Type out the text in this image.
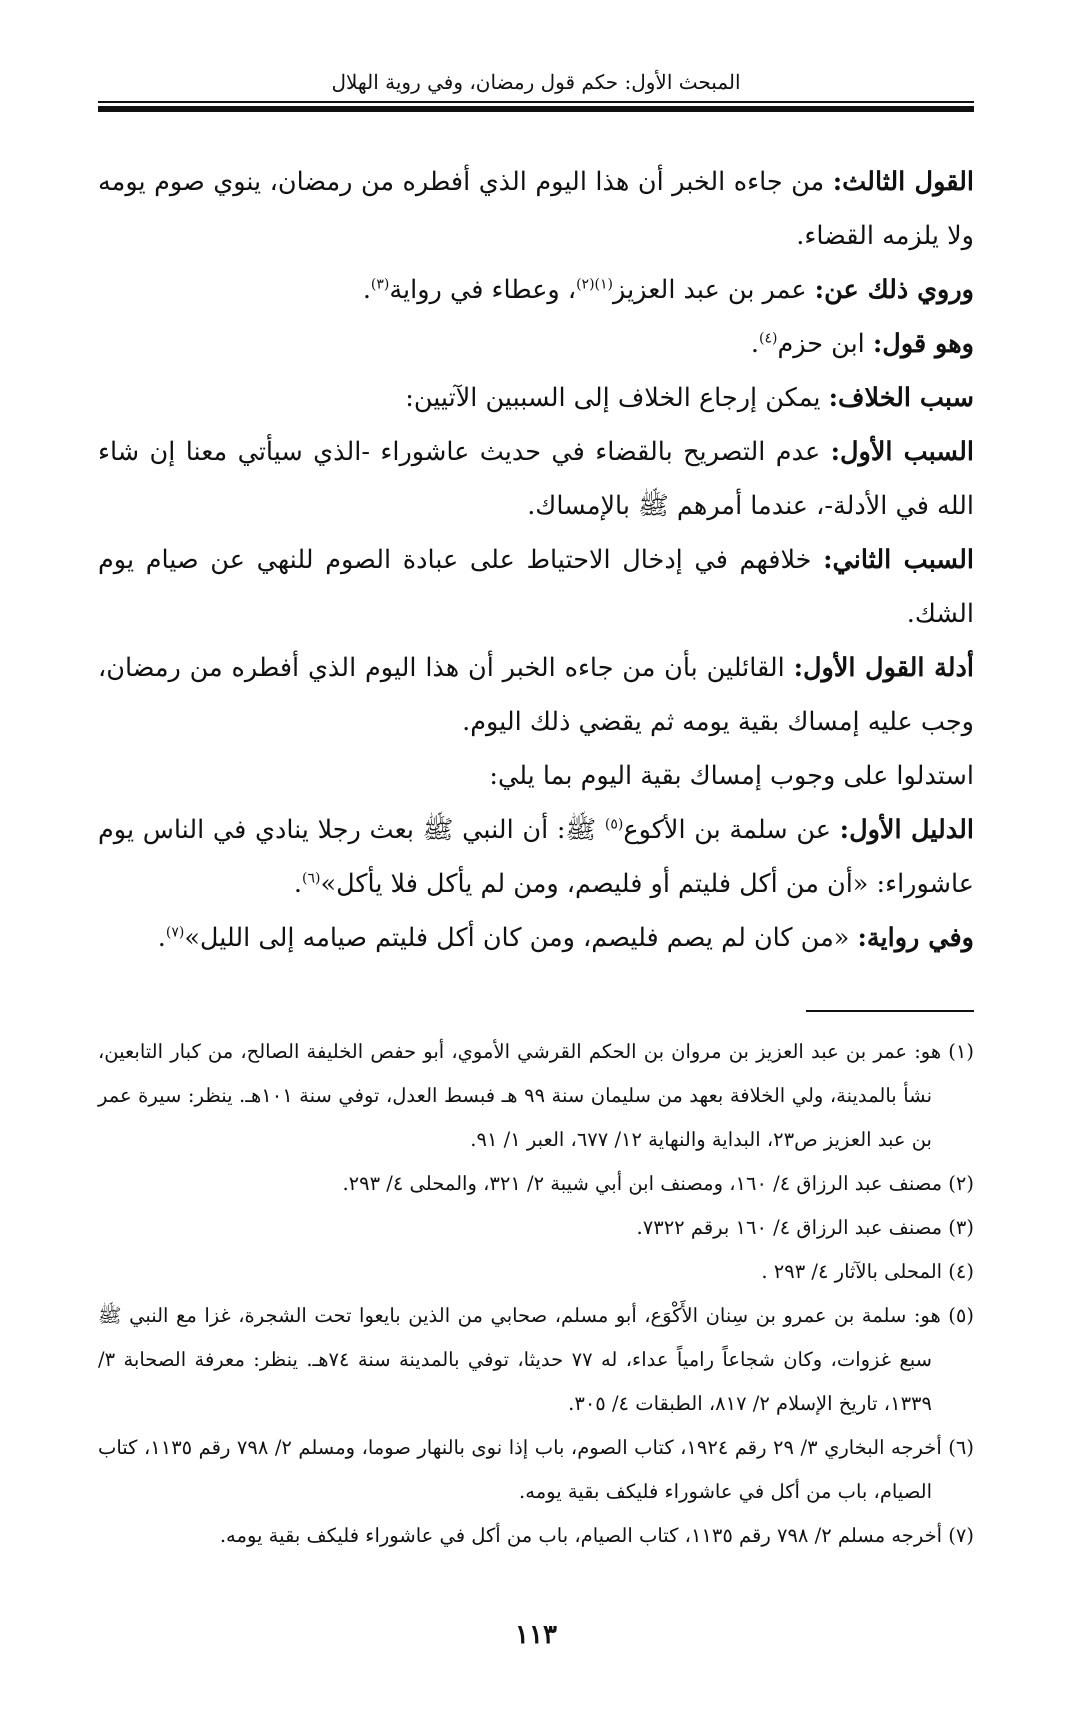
المبحث الأول: حكم قول رمضان، وفي روية الهلال

القول الثالث: من جاءه الخبر أن هذا اليوم الذي أفطره من رمضان، ينوي صوم يومه ولا يلزمه القضاء.

وروي ذلك عن: عمر بن عبد العزيز$^{(١)(٢)}$، وعطاء في رواية$^{(٣)}$.

وهو قول: ابن حزم$^{(٤)}$.

سبب الخلاف: يمكن إرجاع الخلاف إلى السببين الآتيين:

السبب الأول: عدم التصريح بالقضاء في حديث عاشوراء -الذي سيأتي معنا إن شاء الله في الأدلة-، عندما أمرهم ﷺ بالإمساك.

السبب الثاني: خلافهم في إدخال الاحتياط على عبادة الصوم للنهي عن صيام يوم الشك.

أدلة القول الأول: القائلين بأن من جاءه الخبر أن هذا اليوم الذي أفطره من رمضان، وجب عليه إمساك بقية يومه ثم يقضي ذلك اليوم.

استدلوا على وجوب إمساك بقية اليوم بما يلي:

الدليل الأول: عن سلمة بن الأكوع$^{(٥)}$ ﷺ: أن النبي ﷺ بعث رجلا ينادي في الناس يوم عاشوراء: «أن من أكل فليتم أو فليصم، ومن لم يأكل فلا يأكل»$^{(٦)}$.

وفي رواية: «من كان لم يصم فليصم، ومن كان أكل فليتم صيامه إلى الليل»$^{(٧)}$.

(١) هو: عمر بن عبد العزيز بن مروان بن الحكم القرشي الأموي، أبو حفص الخليفة الصالح، من كبار التابعين، نشأ بالمدينة، ولي الخلافة بعهد من سليمان سنة ٩٩ هـ فبسط العدل، توفي سنة ١٠١هـ. ينظر: سيرة عمر بن عبد العزيز ص٢٣، البداية والنهاية ١٢/ ٦٧٧، العبر ١/ ٩١.

(٢) مصنف عبد الرزاق ٤/ ١٦٠، ومصنف ابن أبي شيبة ٢/ ٣٢١، والمحلى ٤/ ٢٩٣.

(٣) مصنف عبد الرزاق ٤/ ١٦٠ برقم ٧٣٢٢.

(٤) المحلى بالآثار ٤/ ٢٩٣ .

(٥) هو: سلمة بن عمرو بن سِنان الأَكْوَع، أبو مسلم، صحابي من الذين بايعوا تحت الشجرة، غزا مع النبي ﷺ سبع غزوات، وكان شجاعاً رامياً عداء، له ٧٧ حديثا، توفي بالمدينة سنة ٧٤هـ. ينظر: معرفة الصحابة ٣/ ١٣٣٩، تاريخ الإسلام ٢/ ٨١٧، الطبقات ٤/ ٣٠٥.

(٦) أخرجه البخاري ٣/ ٢٩ رقم ١٩٢٤، كتاب الصوم، باب إذا نوى بالنهار صوما، ومسلم ٢/ ٧٩٨ رقم ١١٣٥، كتاب الصيام، باب من أكل في عاشوراء فليكف بقية يومه.

(٧) أخرجه مسلم ٢/ ٧٩٨ رقم ١١٣٥، كتاب الصيام، باب من أكل في عاشوراء فليكف بقية يومه.

١١٣
